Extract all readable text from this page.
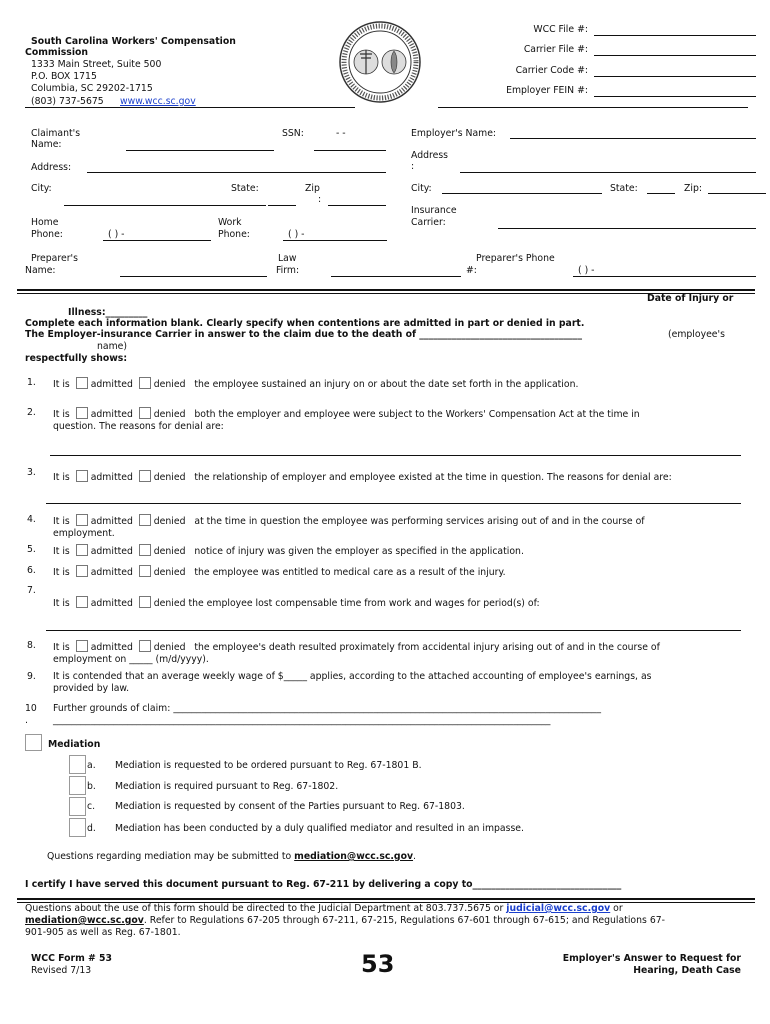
South Carolina Workers' Compensation
Commission
1333 Main Street, Suite 500
P.O. BOX 1715
Columbia, SC 29202-1715
(803) 737-5675 www.wcc.sc.gov
WCC File #:
Carrier File #:
Carrier Code #:
Employer FEIN #:
Claimant's
Name:
SSN:	- -
Address:
City:	State:	Zip
:
Home
Phone:	( ) -
Work
Phone:	( ) -
Preparer's
Name:
Law
Firm:
Preparer's Phone
#:	( ) -
Employer's Name:
Address
:
City:	State:	Zip:
Insurance
Carrier:
Date of Injury or
Illness:_________
Complete each information blank. Clearly specify when contentions are admitted in part or denied in part.
The Employer-insurance Carrier in answer to the claim due to the death of ___________________________________	(employee's
name)
respectfully shows:
1. It is admitted denied the employee sustained an injury on or about the date set forth in the application.
2. It is admitted denied both the employer and employee were subject to the Workers' Compensation Act at the time in
question. The reasons for denial are:
3. It is admitted denied the relationship of employer and employee existed at the time in question. The reasons for denial are:
4. It is admitted denied at the time in question the employee was performing services arising out of and in the course of
employment.
5. It is admitted denied notice of injury was given the employer as specified in the application.
6. It is admitted denied the employee was entitled to medical care as a result of the injury.
7.
It is admitted denied the employee lost compensable time from work and wages for period(s) of:
8. It is admitted denied the employee's death resulted proximately from accidental injury arising out of and in the course of
employment on _____ (m/d/yyyy).
9. It is contended that an average weekly wage of $_____ applies, according to the attached accounting of employee's earnings, as
provided by law.
10
.
Further grounds of claim: ____________________________________________________________________________________________
___________________________________________________________________________________________________________
Mediation
a. Mediation is requested to be ordered pursuant to Reg. 67-1801 B.
b. Mediation is required pursuant to Reg. 67-1802.
c. Mediation is requested by consent of the Parties pursuant to Reg. 67-1803.
d. Mediation has been conducted by a duly qualified mediator and resulted in an impasse.
Questions regarding mediation may be submitted to mediation@wcc.sc.gov.
I certify I have served this document pursuant to Reg. 67-211 by delivering a copy to________________________________
Questions about the use of this form should be directed to the Judicial Department at 803.737.5675 or judicial@wcc.sc.gov or
mediation@wcc.sc.gov. Refer to Regulations 67-205 through 67-211, 67-215, Regulations 67-601 through 67-615; and Regulations 67-
901-905 as well as Reg. 67-1801.
WCC Form # 53
Revised 7/13	53	Employer's Answer to Request for
Hearing, Death Case
